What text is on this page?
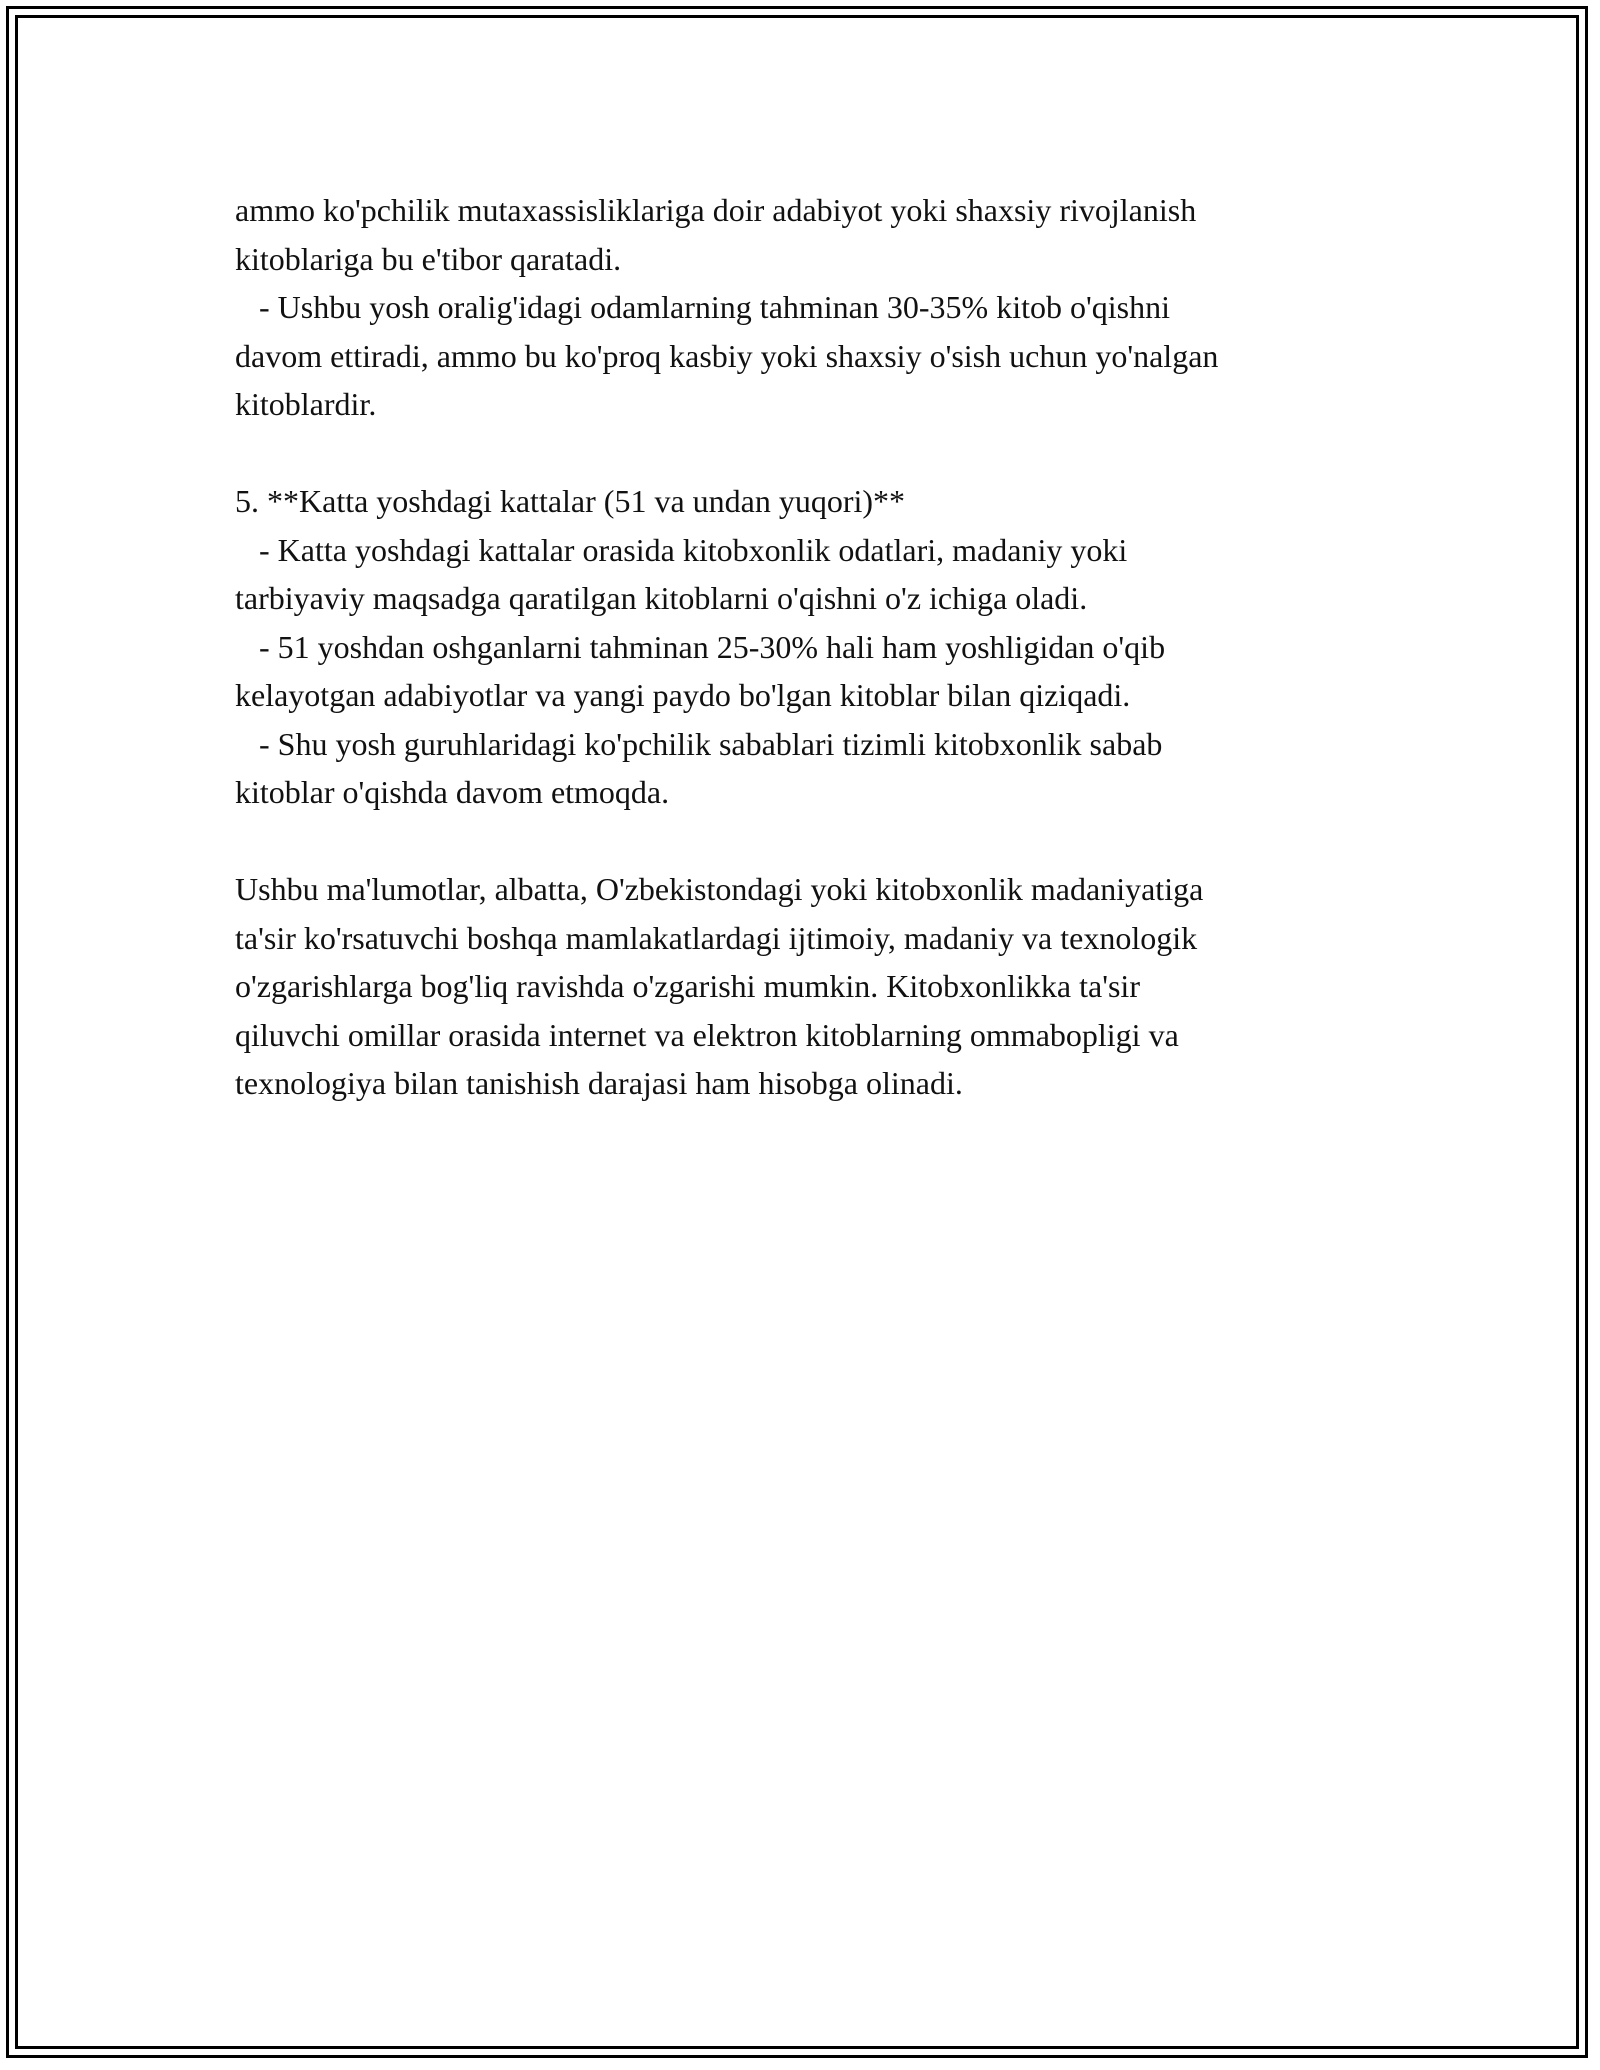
ammo ko'pchilik mutaxassisliklariga doir adabiyot yoki shaxsiy rivojlanish
kitoblariga bu e'tibor qaratadi.
- Ushbu yosh oralig'idagi odamlarning tahminan 30-35% kitob o'qishni
davom ettiradi, ammo bu ko'proq kasbiy yoki shaxsiy o'sish uchun yo'nalgan
kitoblardir.
5. **Katta yoshdagi kattalar (51 va undan yuqori)**
- Katta yoshdagi kattalar orasida kitobxonlik odatlari, madaniy yoki
tarbiyaviy maqsadga qaratilgan kitoblarni o'qishni o'z ichiga oladi.
- 51 yoshdan oshganlarni tahminan 25-30% hali ham yoshligidan o'qib
kelayotgan adabiyotlar va yangi paydo bo'lgan kitoblar bilan qiziqadi.
- Shu yosh guruhlaridagi ko'pchilik sabablari tizimli kitobxonlik sabab
kitoblar o'qishda davom etmoqda.
Ushbu ma'lumotlar, albatta, O'zbekistondagi yoki kitobxonlik madaniyatiga
ta'sir ko'rsatuvchi boshqa mamlakatlardagi ijtimoiy, madaniy va texnologik
o'zgarishlarga bog'liq ravishda o'zgarishi mumkin. Kitobxonlikka ta'sir
qiluvchi omillar orasida internet va elektron kitoblarning ommabopligi va
texnologiya bilan tanishish darajasi ham hisobga olinadi.
